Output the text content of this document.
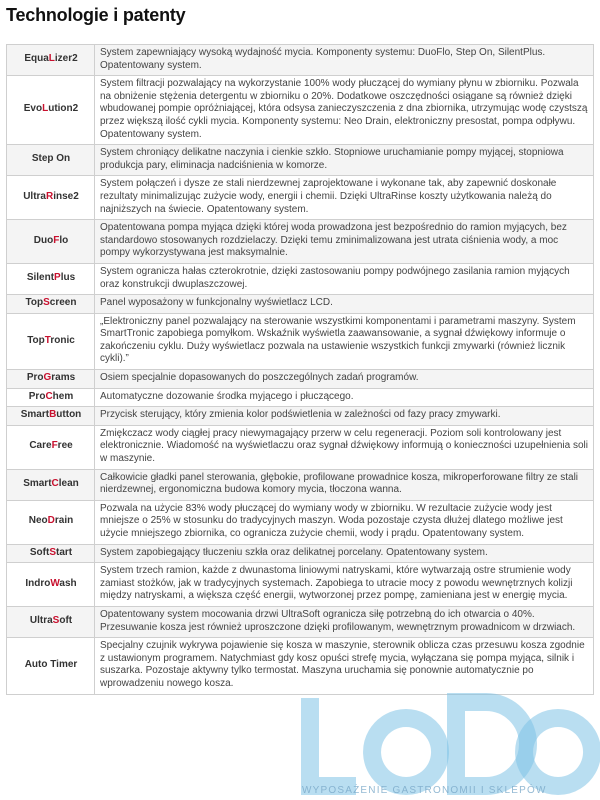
Technologie i patenty
EquaLizer2	System zapewniający wysoką wydajność mycia. Komponenty systemu: DuoFlo, Step On, SilentPlus. Opatentowany system.
EvoLution2	System filtracji pozwalający na wykorzystanie 100% wody płuczącej do wymiany płynu w zbiorniku. Pozwala na obniżenie stężenia detergentu w zbiorniku o 20%. Dodatkowe oszczędności osiągane są również dzięki wbudowanej pompie opróżniającej, która odsysa zanieczyszczenia z dna zbiornika, utrzymując wodę czystszą przez większą ilość cykli mycia. Komponenty systemu: Neo Drain, elektroniczny presostat, pompa odpływu. Opatentowany system.
Step On	System chroniący delikatne naczynia i cienkie szkło. Stopniowe uruchamianie pompy myjącej, stopniowa produkcja pary, eliminacja nadciśnienia w komorze.
UltraRinse2	System połączeń i dysze ze stali nierdzewnej zaprojektowane i wykonane tak, aby zapewnić doskonałe rezultaty minimalizując zużycie wody, energii i chemii. Dzięki UltraRinse koszty użytkowania należą do najniższych na świecie. Opatentowany system.
DuoFlo	Opatentowana pompa myjąca dzięki której woda prowadzona jest bezpośrednio do ramion myjących, bez standardowo stosowanych rozdzielaczy. Dzięki temu zminimalizowana jest utrata ciśnienia wody, a moc pompy wykorzystywana jest maksymalnie.
SilentPlus	System ogranicza hałas czterokrotnie, dzięki zastosowaniu pompy podwójnego zasilania ramion myjących oraz konstrukcji dwuplaszczowej.
TopScreen	Panel wyposażony w funkcjonalny wyświetlacz LCD.
TopTronic	„Elektroniczny panel pozwalający na sterowanie wszystkimi komponentami i parametrami maszyny. System SmartTronic zapobiega pomyłkom. Wskaźnik wyświetla zaawansowanie, a sygnał dźwiękowy informuje o zakończeniu cyklu. Duży wyświetlacz pozwala na ustawienie wszystkich funkcji zmywarki (również licznik cykli).”
ProGrams	Osiem specjalnie dopasowanych do poszczególnych zadań programów.
ProChem	Automatyczne dozowanie środka myjącego i płuczącego.
SmartButton	Przycisk sterujący, który zmienia kolor podświetlenia w zależności od fazy pracy zmywarki.
CareFree	Zmiękczacz wody ciągłej pracy niewymagający przerw w celu regeneracji. Poziom soli kontrolowany jest elektronicznie. Wiadomość na wyświetlaczu oraz sygnał dźwiękowy informują o konieczności uzupełnienia soli w maszynie.
SmartClean	Całkowicie gładki panel sterowania, głębokie, profilowane prowadnice kosza, mikroperforowane filtry ze stali nierdzewnej, ergonomiczna budowa komory mycia, tłoczona wanna.
NeoDrain	Pozwala na użycie 83% wody płuczącej do wymiany wody w zbiorniku. W rezultacie zużycie wody jest mniejsze o 25% w stosunku do tradycyjnych maszyn. Woda pozostaje czysta dłużej dlatego możliwe jest użycie mniejszego zbiornika, co ogranicza zużycie chemii, wody i prądu. Opatentowany system.
SoftStart	System zapobiegający tłuczeniu szkła oraz delikatnej porcelany. Opatentowany system.
IndroWash	System trzech ramion, każde z dwunastoma liniowymi natryskami, które wytwarzają ostre strumienie wody zamiast stożków, jak w tradycyjnych systemach. Zapobiega to utracie mocy z powodu wewnętrznych kolizji między natryskami, a większa część energii, wytworzonej przez pompę, zamieniana jest w energię mycia.
UltraSoft	Opatentowany system mocowania drzwi UltraSoft ogranicza siłę potrzebną do ich otwarcia o 40%. Przesuwanie kosza jest również uproszczone dzięki profilowanym, wewnętrznym prowadnicom w drzwiach.
Auto Timer	Specjalny czujnik wykrywa pojawienie się kosza w maszynie, sterownik oblicza czas przesuwu kosza zgodnie z ustawionym programem. Natychmiast gdy kosz opuści strefę mycia, wyłączana się pompa myjąca, silnik i suszarka. Pozostaje aktywny tylko termostat. Maszyna uruchamia się ponownie automatycznie po wprowadzeniu nowego kosza.
WYPOSAŻENIE GASTRONOMII I SKLEPÓW
